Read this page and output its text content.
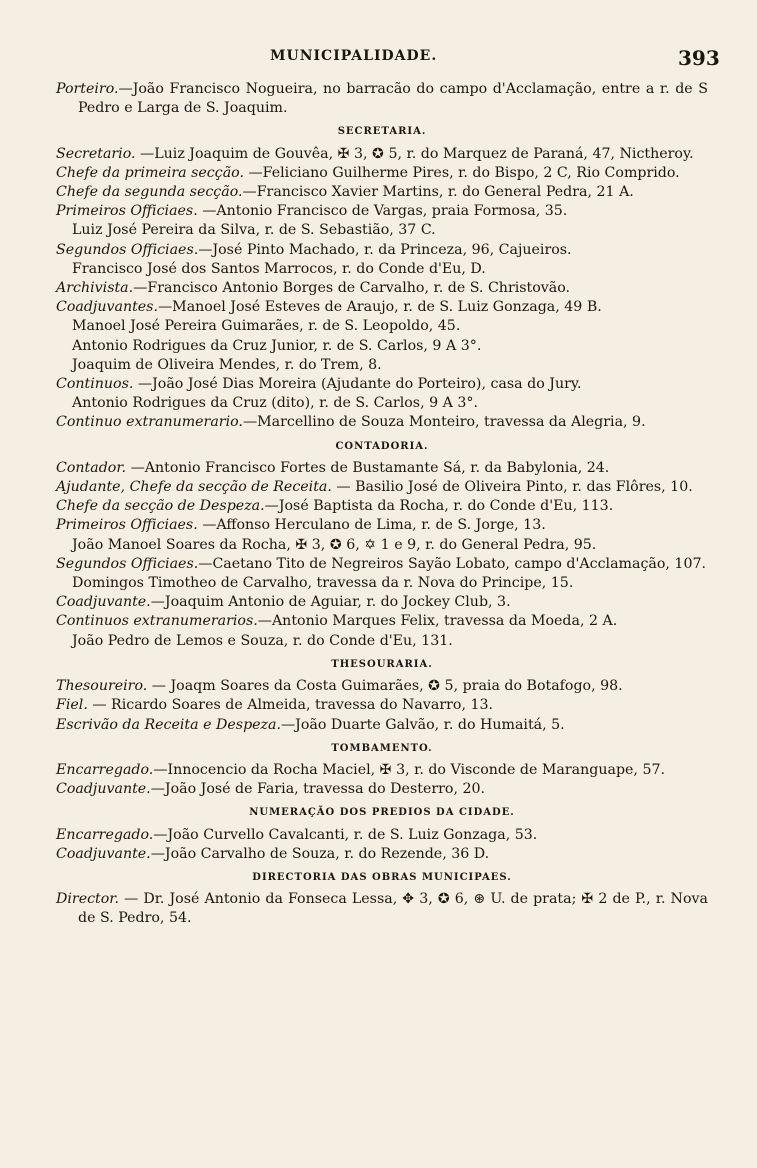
MUNICIPALIDADE.	393

Porteiro.—João Francisco Nogueira, no barracão do campo d'Acclamação, entre a r. de S Pedro e Larga de S. Joaquim.

SECRETARIA.

Secretario. —Luiz Joaquim de Gouvêa, ✠ 3, ✪ 5, r. do Marquez de Paraná, 47, Nictheroy.

Chefe da primeira secção. —Feliciano Guilherme Pires, r. do Bispo, 2 C, Rio Comprido.

Chefe da segunda secção.—Francisco Xavier Martins, r. do General Pedra, 21 A.

Primeiros Officiaes. —Antonio Francisco de Vargas, praia Formosa, 35.

Luiz José Pereira da Silva, r. de S. Sebastião, 37 C.

Segundos Officiaes.—José Pinto Machado, r. da Princeza, 96, Cajueiros.

Francisco José dos Santos Marrocos, r. do Conde d'Eu, D.

Archivista.—Francisco Antonio Borges de Carvalho, r. de S. Christovão.

Coadjuvantes.—Manoel José Esteves de Araujo, r. de S. Luiz Gonzaga, 49 B.

Manoel José Pereira Guimarães, r. de S. Leopoldo, 45.

Antonio Rodrigues da Cruz Junior, r. de S. Carlos, 9 A 3°.

Joaquim de Oliveira Mendes, r. do Trem, 8.

Continuos. —João José Dias Moreira (Ajudante do Porteiro), casa do Jury.

Antonio Rodrigues da Cruz (dito), r. de S. Carlos, 9 A 3°.

Continuo extranumerario.—Marcellino de Souza Monteiro, travessa da Alegria, 9.

CONTADORIA.

Contador. —Antonio Francisco Fortes de Bustamante Sá, r. da Babylonia, 24.

Ajudante, Chefe da secção de Receita. — Basilio José de Oliveira Pinto, r. das Flôres, 10.

Chefe da secção de Despeza.—José Baptista da Rocha, r. do Conde d'Eu, 113.

Primeiros Officiaes. —Affonso Herculano de Lima, r. de S. Jorge, 13.

João Manoel Soares da Rocha, ✠ 3, ✪ 6, ✡ 1 e 9, r. do General Pedra, 95.

Segundos Officiaes.—Caetano Tito de Negreiros Sayão Lobato, campo d'Acclamação, 107.

Domingos Timotheo de Carvalho, travessa da r. Nova do Principe, 15.

Coadjuvante.—Joaquim Antonio de Aguiar, r. do Jockey Club, 3.

Continuos extranumerarios.—Antonio Marques Felix, travessa da Moeda, 2 A.

João Pedro de Lemos e Souza, r. do Conde d'Eu, 131.

THESOURARIA.

Thesoureiro. — Joaqm Soares da Costa Guimarães, ✪ 5, praia do Botafogo, 98.

Fiel. — Ricardo Soares de Almeida, travessa do Navarro, 13.

Escrivão da Receita e Despeza.—João Duarte Galvão, r. do Humaitá, 5.

TOMBAMENTO.

Encarregado.—Innocencio da Rocha Maciel, ✠ 3, r. do Visconde de Maranguape, 57.

Coadjuvante.—João José de Faria, travessa do Desterro, 20.

NUMERAÇÃO DOS PREDIOS DA CIDADE.

Encarregado.—João Curvello Cavalcanti, r. de S. Luiz Gonzaga, 53.

Coadjuvante.—João Carvalho de Souza, r. do Rezende, 36 D.

DIRECTORIA DAS OBRAS MUNICIPAES.

Director. — Dr. José Antonio da Fonseca Lessa, ✥ 3, ✪ 6, ⊛ U. de prata; ✠ 2 de P., r. Nova de S. Pedro, 54.
